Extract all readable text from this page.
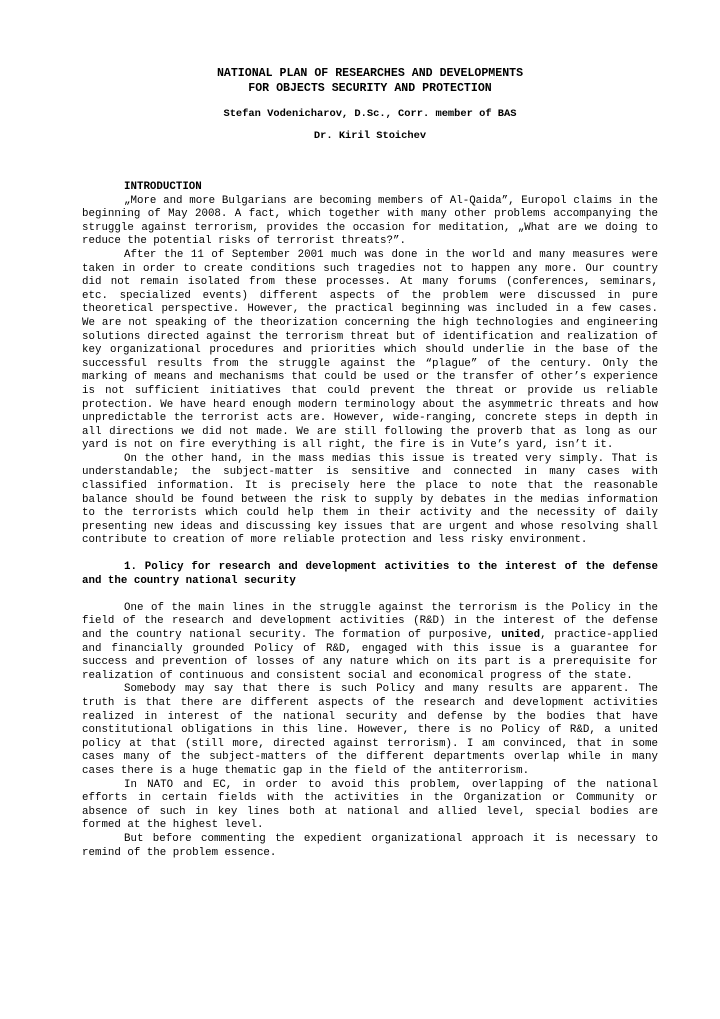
NATIONAL PLAN OF RESEARCHES AND DEVELOPMENTS
FOR OBJECTS SECURITY AND PROTECTION

Stefan Vodenicharov, D.Sc., Corr. member of BAS

Dr. Kiril Stoichev

INTRODUCTION

„More and more Bulgarians are becoming members of Al-Qaida”, Europol claims in the beginning of May 2008. A fact, which together with many other problems accompanying the struggle against terrorism, provides the occasion for meditation, „What are we doing to reduce the potential risks of terrorist threats?”.

After the 11 of September 2001 much was done in the world and many measures were taken in order to create conditions such tragedies not to happen any more. Our country did not remain isolated from these processes. At many forums (conferences, seminars, etc. specialized events) different aspects of the problem were discussed in pure theoretical perspective. However, the practical beginning was included in a few cases. We are not speaking of the theorization concerning the high technologies and engineering solutions directed against the terrorism threat but of identification and realization of key organizational procedures and priorities which should underlie in the base of the successful results from the struggle against the “plague” of the century. Only the marking of means and mechanisms that could be used or the transfer of other’s experience is not sufficient initiatives that could prevent the threat or provide us reliable protection. We have heard enough modern terminology about the asymmetric threats and how unpredictable the terrorist acts are. However, wide-ranging, concrete steps in depth in all directions we did not made. We are still following the proverb that as long as our yard is not on fire everything is all right, the fire is in Vute’s yard, isn’t it.

On the other hand, in the mass medias this issue is treated very simply. That is understandable; the subject-matter is sensitive and connected in many cases with classified information. It is precisely here the place to note that the reasonable balance should be found between the risk to supply by debates in the medias information to the terrorists which could help them in their activity and the necessity of daily presenting new ideas and discussing key issues that are urgent and whose resolving shall contribute to creation of more reliable protection and less risky environment.

1. Policy for research and development activities to the interest of the defense and the country national security

One of the main lines in the struggle against the terrorism is the Policy in the field of the research and development activities (R&D) in the interest of the defense and the country national security. The formation of purposive, united, practice-applied and financially grounded Policy of R&D, engaged with this issue is a guarantee for success and prevention of losses of any nature which on its part is a prerequisite for realization of continuous and consistent social and economical progress of the state.

Somebody may say that there is such Policy and many results are apparent. The truth is that there are different aspects of the research and development activities realized in interest of the national security and defense by the bodies that have constitutional obligations in this line. However, there is no Policy of R&D, a united policy at that (still more, directed against terrorism). I am convinced, that in some cases many of the subject-matters of the different departments overlap while in many cases there is a huge thematic gap in the field of the antiterrorism.

In NATO and EC, in order to avoid this problem, overlapping of the national efforts in certain fields with the activities in the Organization or Community or absence of such in key lines both at national and allied level, special bodies are formed at the highest level.

But before commenting the expedient organizational approach it is necessary to remind of the problem essence.
